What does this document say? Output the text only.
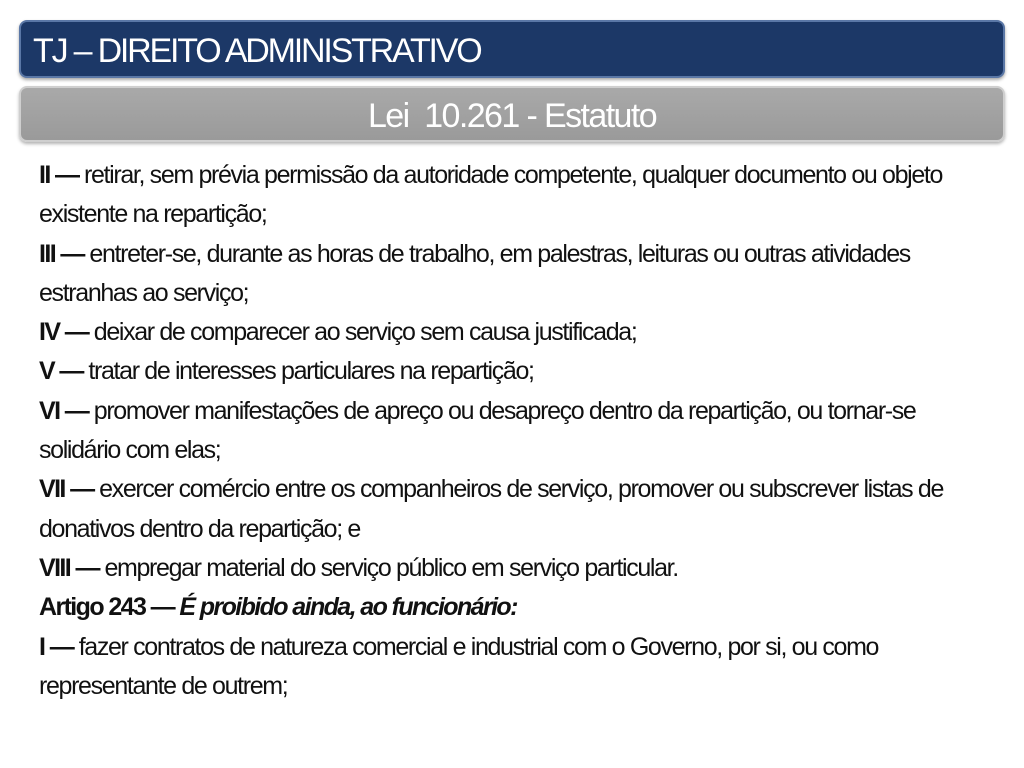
TJ – DIREITO ADMINISTRATIVO
Lei  10.261 - Estatuto

II — retirar, sem prévia permissão da autoridade competente, qualquer documento ou objeto existente na repartição;

III — entreter-se, durante as horas de trabalho, em palestras, leituras ou outras atividades estranhas ao serviço;

IV — deixar de comparecer ao serviço sem causa justificada;

V — tratar de interesses particulares na repartição;

VI — promover manifestações de apreço ou desapreço dentro da repartição, ou tornar-se solidário com elas;

VII — exercer comércio entre os companheiros de serviço, promover ou subscrever listas de donativos dentro da repartição; e

VIII — empregar material do serviço público em serviço particular.

Artigo 243 — É proibido ainda, ao funcionário:

I — fazer contratos de natureza comercial e industrial com o Governo, por si, ou como representante de outrem;
